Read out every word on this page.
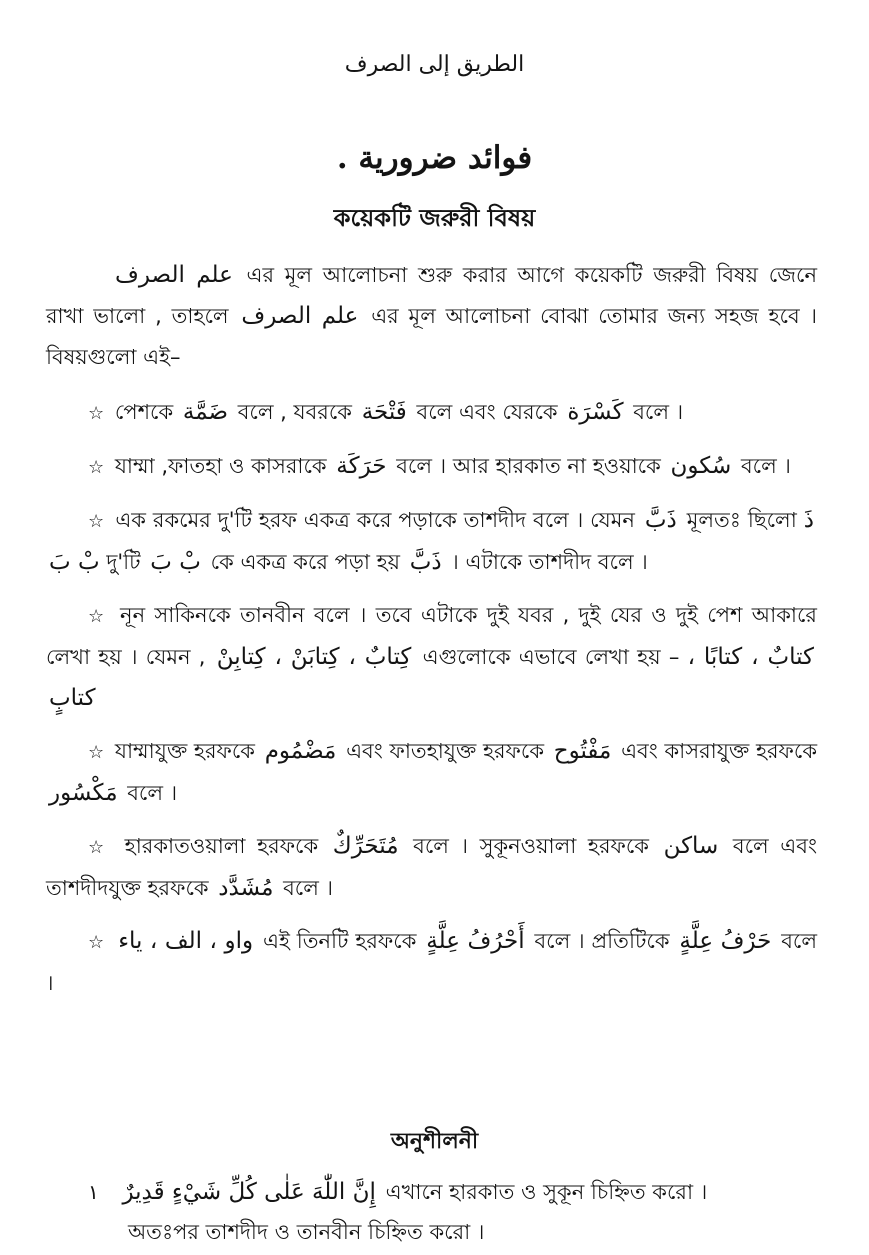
الطريق إلى الصرف
فوائد ضرورية .
কয়েকটি জরুরী বিষয়

علم الصرف এর মূল আলোচনা শুরু করার আগে কয়েকটি জরুরী বিষয় জেনে রাখা ভালো , তাহলে علم الصرف এর মূল আলোচনা বোঝা তোমার জন্য সহজ হবে । বিষয়গুলো এই–

☆ পেশকে ضَمَّة বলে , যবরকে فَتْحَة বলে এবং যেরকে كَسْرَة বলে ।

☆ যাম্মা ,ফাতহা ও কাসরাকে حَرَكَة বলে । আর হারকাত না হওয়াকে سُكون বলে ।

☆ এক রকমের দু'টি হরফ একত্র করে পড়াকে তাশদীদ বলে । যেমন ذَبَّ মূলতঃ ছিলো ذَ بْ بَ দু'টি بْ بَ কে একত্র করে পড়া হয় ذَبَّ । এটাকে তাশদীদ বলে ।

☆ নূন সাকিনকে তানবীন বলে । তবে এটাকে দুই যবর , দুই যের ও দুই পেশ আকারে লেখা হয় । যেমন , كِتابٌ ، كِتابَنْ ، كِتابِنْ এগুলোকে এভাবে লেখা হয় – كتابٌ ، كتابًا ، كتابٍ

☆ যাম্মাযুক্ত হরফকে مَضْمُوم এবং ফাতহাযুক্ত হরফকে مَفْتُوح এবং কাসরাযুক্ত হরফকে مَكْسُور বলে ।

☆ হারকাতওয়ালা হরফকে مُتَحَرِّكٌ বলে । সুকূনওয়ালা হরফকে ساكن বলে এবং তাশদীদযুক্ত হরফকে مُشَدَّد বলে ।

☆ واو ، الف ، ياء এই তিনটি হরফকে أَحْرُفُ عِلَّةٍ বলে । প্রতিটিকে حَرْفُ عِلَّةٍ বলে ।

অনুশীলনী

١ إِنَّ اللّٰهَ عَلٰى كُلِّ شَيْءٍ قَدِيرٌ এখানে হারকাত ও সুকূন চিহ্নিত করো ।

অতঃপর তাশদীদ ও তানবীন চিহ্নিত করো ।
